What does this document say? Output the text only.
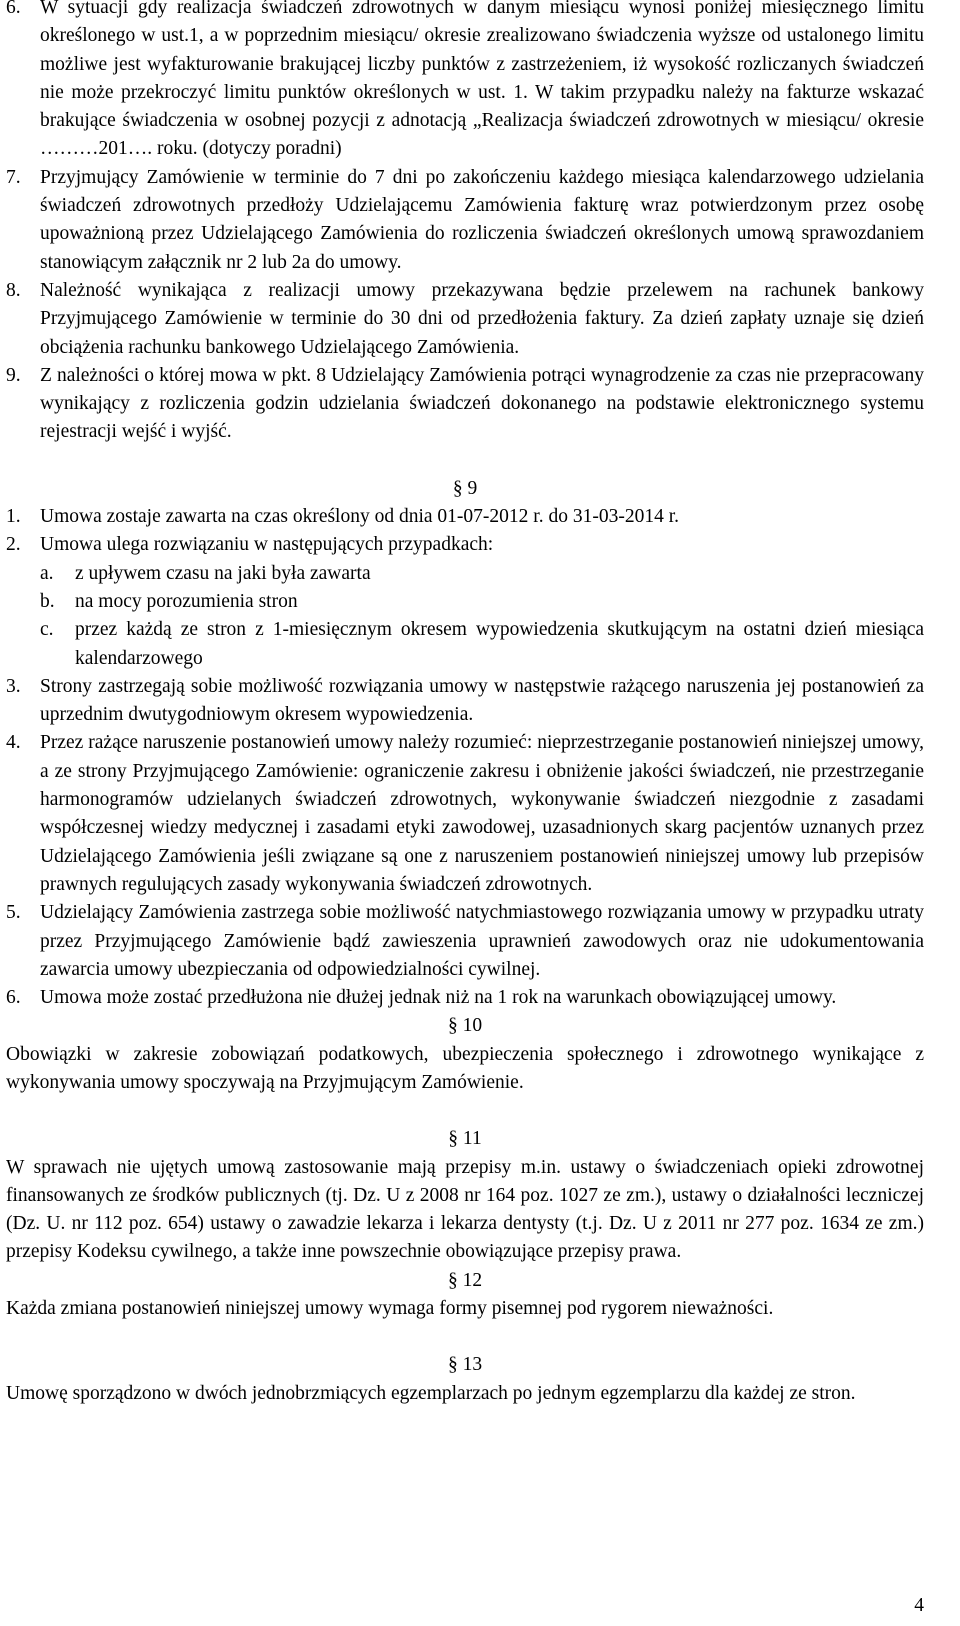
6. W sytuacji gdy realizacja świadczeń zdrowotnych w danym miesiącu wynosi poniżej miesięcznego limitu określonego w ust.1, a w poprzednim miesiącu/ okresie zrealizowano świadczenia wyższe od ustalonego limitu możliwe jest wyfakturowanie brakującej liczby punktów z zastrzeżeniem, iż wysokość rozliczanych świadczeń nie może przekroczyć limitu punktów określonych w ust. 1. W takim przypadku należy na fakturze wskazać brakujące świadczenia w osobnej pozycji z adnotacją „Realizacja świadczeń zdrowotnych w miesiącu/ okresie ………201…. roku. (dotyczy poradni)
7. Przyjmujący Zamówienie w terminie do 7 dni po zakończeniu każdego miesiąca kalendarzowego udzielania świadczeń zdrowotnych przedłoży Udzielającemu Zamówienia fakturę wraz potwierdzonym przez osobę upoważnioną przez Udzielającego Zamówienia do rozliczenia świadczeń określonych umową sprawozdaniem stanowiącym załącznik nr 2 lub 2a do umowy.
8. Należność wynikająca z realizacji umowy przekazywana będzie przelewem na rachunek bankowy Przyjmującego Zamówienie w terminie do 30 dni od przedłożenia faktury. Za dzień zapłaty uznaje się dzień obciążenia rachunku bankowego Udzielającego Zamówienia.
9. Z należności o której mowa w pkt. 8 Udzielający Zamówienia potrąci wynagrodzenie za czas nie przepracowany wynikający z rozliczenia godzin udzielania świadczeń dokonanego na podstawie elektronicznego systemu rejestracji wejść i wyjść.

§ 9

1. Umowa zostaje zawarta na czas określony od dnia 01-07-2012 r. do 31-03-2014 r.
2. Umowa ulega rozwiązaniu w następujących przypadkach:
a.	z upływem czasu na jaki była zawarta
b.	na mocy porozumienia stron
c.	przez każdą ze stron z 1-miesięcznym okresem wypowiedzenia skutkującym na ostatni dzień miesiąca kalendarzowego
3. Strony zastrzegają sobie możliwość rozwiązania umowy w następstwie rażącego naruszenia jej postanowień za uprzednim dwutygodniowym okresem wypowiedzenia.
4. Przez rażące naruszenie postanowień umowy należy rozumieć: nieprzestrzeganie postanowień niniejszej umowy, a ze strony Przyjmującego Zamówienie: ograniczenie zakresu i obniżenie jakości świadczeń, nie przestrzeganie harmonogramów udzielanych świadczeń zdrowotnych, wykonywanie świadczeń niezgodnie z zasadami współczesnej wiedzy medycznej i zasadami etyki zawodowej, uzasadnionych skarg pacjentów uznanych przez Udzielającego Zamówienia jeśli związane są one z naruszeniem postanowień niniejszej umowy lub przepisów prawnych regulujących zasady wykonywania świadczeń zdrowotnych.
5. Udzielający Zamówienia zastrzega sobie możliwość natychmiastowego rozwiązania umowy w przypadku utraty przez Przyjmującego Zamówienie bądź zawieszenia uprawnień zawodowych oraz nie udokumentowania zawarcia umowy ubezpieczania od odpowiedzialności cywilnej.
6. Umowa może zostać przedłużona nie dłużej jednak niż na 1 rok na warunkach obowiązującej umowy.

§ 10

Obowiązki w zakresie zobowiązań podatkowych, ubezpieczenia społecznego i zdrowotnego wynikające z wykonywania umowy spoczywają na Przyjmującym Zamówienie.

§ 11

W sprawach nie ujętych umową zastosowanie mają przepisy m.in. ustawy o świadczeniach opieki zdrowotnej finansowanych ze środków publicznych (tj. Dz. U z 2008 nr 164 poz. 1027 ze zm.), ustawy o działalności leczniczej (Dz. U. nr 112 poz. 654) ustawy o zawadzie lekarza i lekarza dentysty (t.j. Dz. U z 2011 nr 277 poz. 1634 ze zm.) przepisy Kodeksu cywilnego, a także inne powszechnie obowiązujące przepisy prawa.

§ 12

Każda zmiana postanowień niniejszej umowy wymaga formy pisemnej pod rygorem nieważności.

§ 13

Umowę sporządzono w dwóch jednobrzmiących egzemplarzach po jednym egzemplarzu dla każdej ze stron.

4
